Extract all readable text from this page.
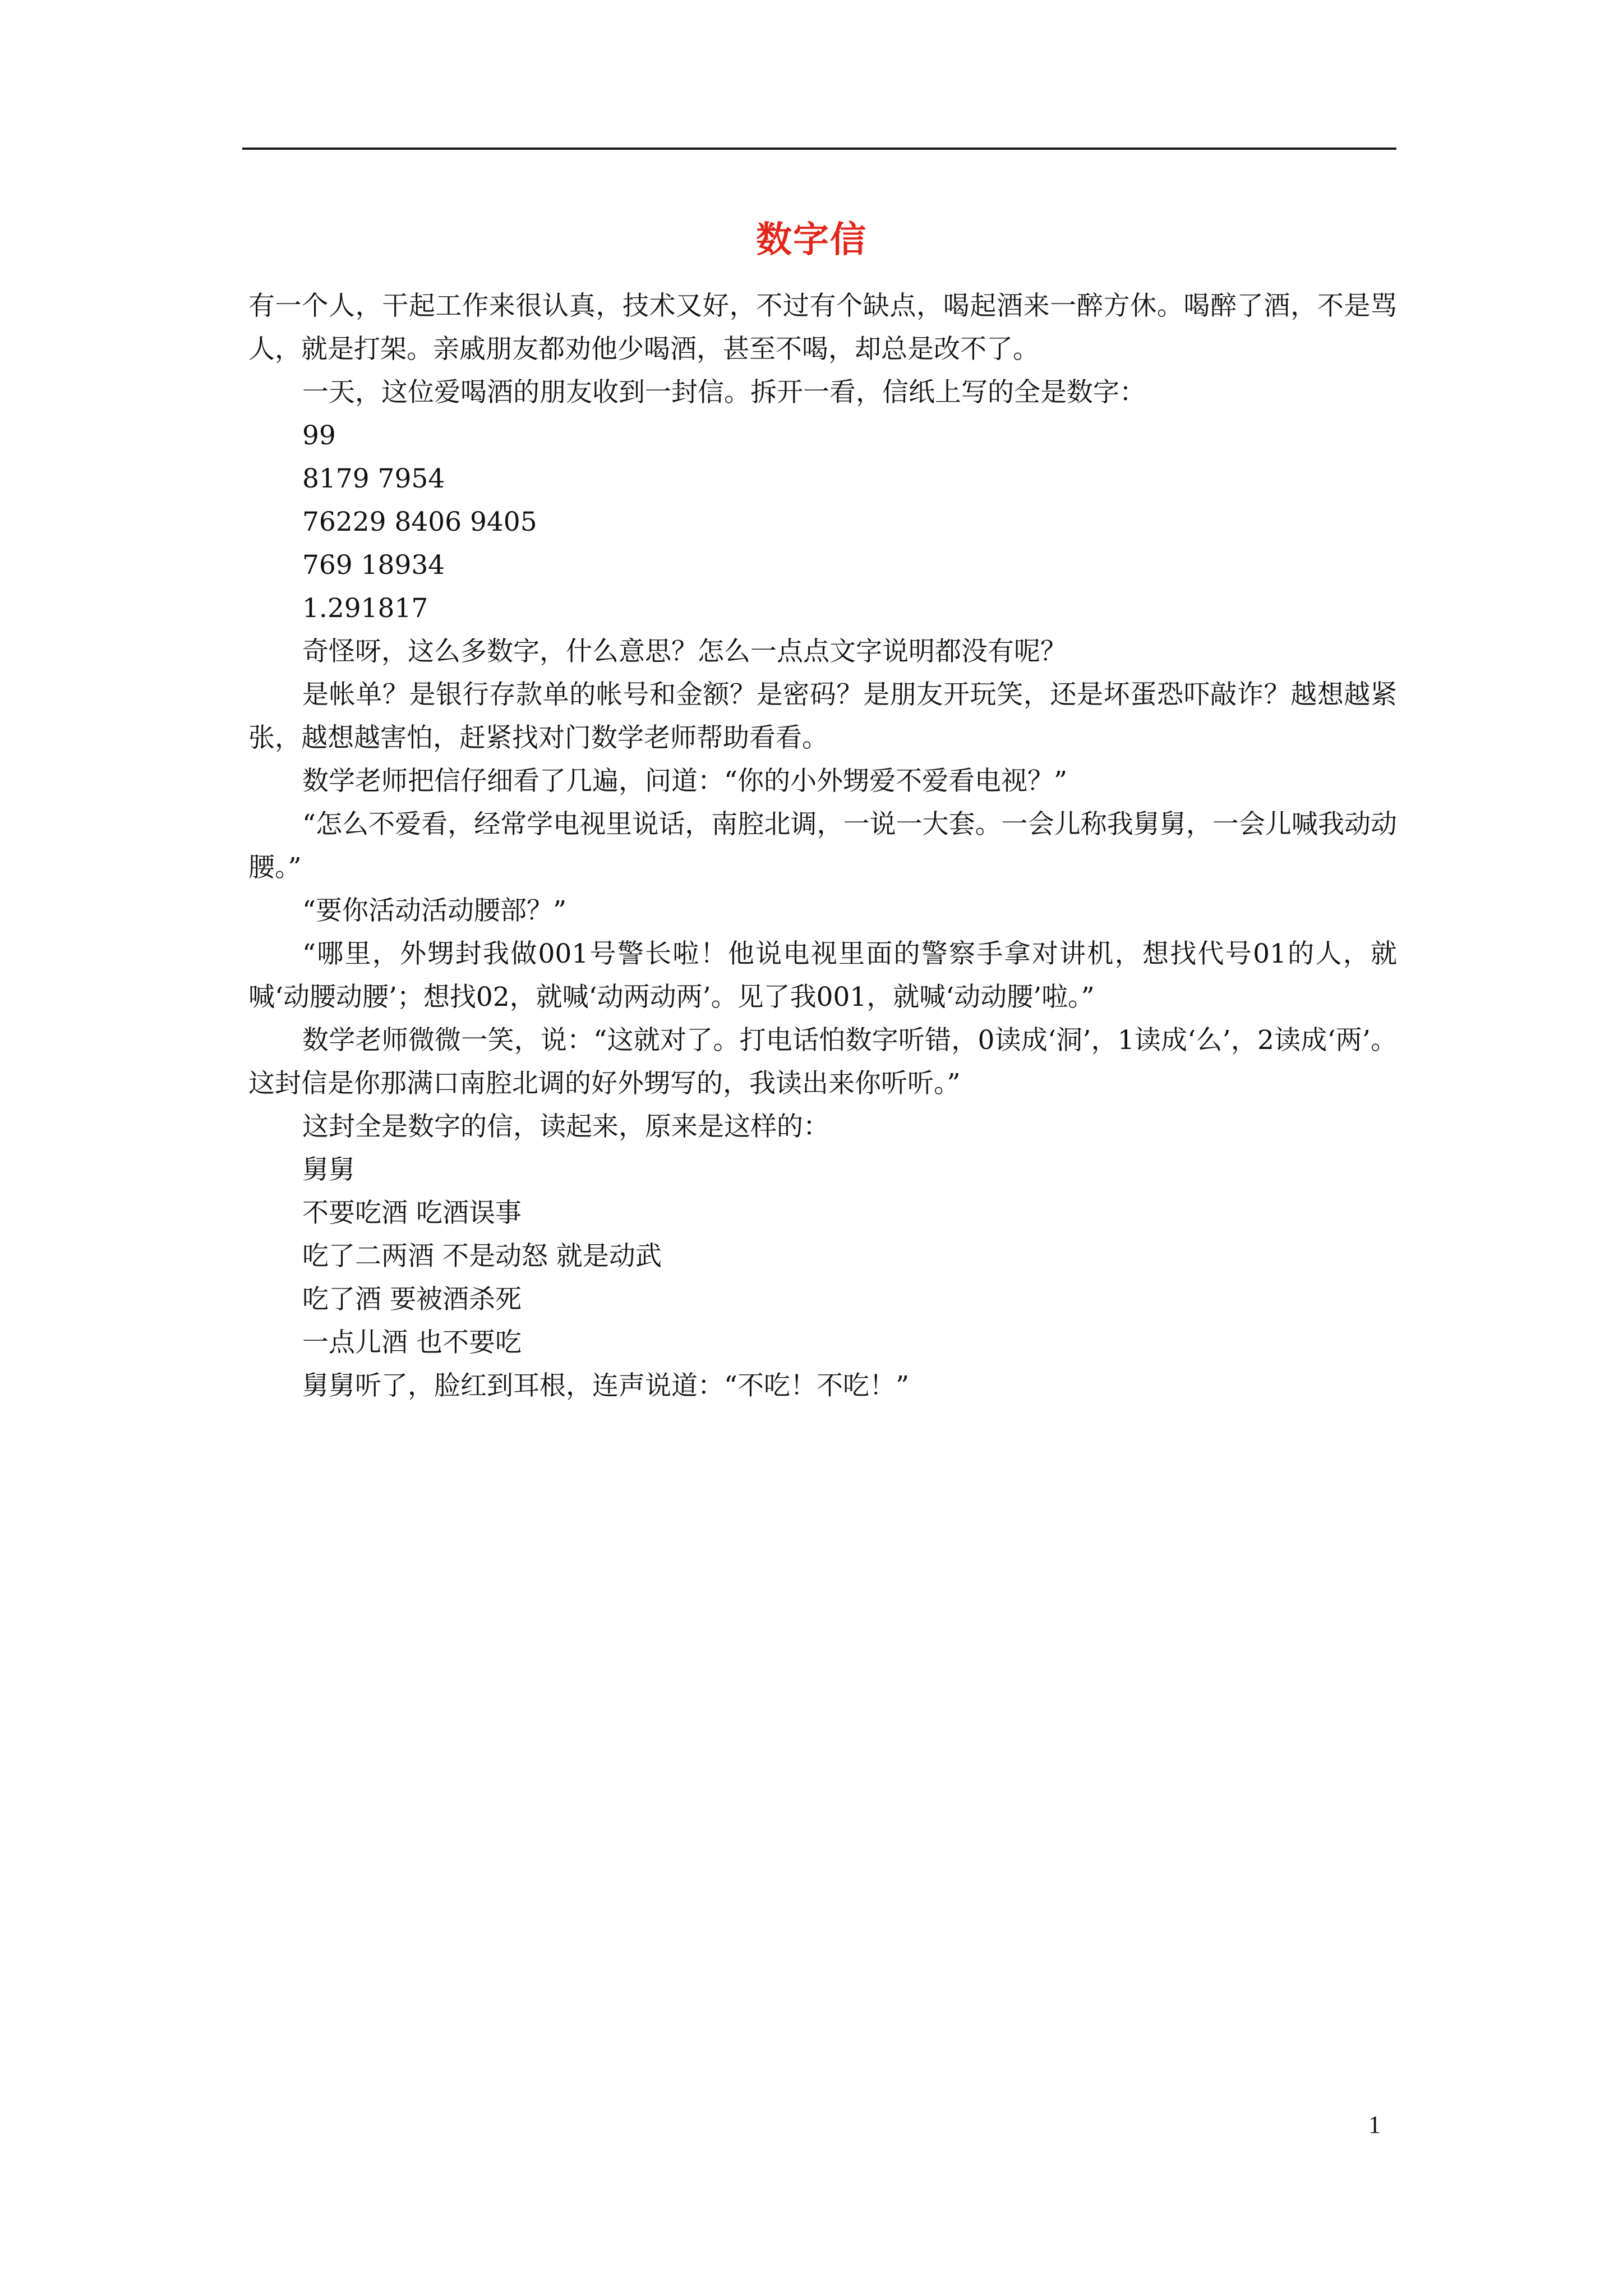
数字信

有一个人，干起工作来很认真，技术又好，不过有个缺点，喝起酒来一醉方休。喝醉了酒，不是骂人，就是打架。亲戚朋友都劝他少喝酒，甚至不喝，却总是改不了。

一天，这位爱喝酒的朋友收到一封信。拆开一看，信纸上写的全是数字：

99

8179 7954

76229 8406 9405

769 18934

1.291817

奇怪呀，这么多数字，什么意思？怎么一点点文字说明都没有呢？

是帐单？是银行存款单的帐号和金额？是密码？是朋友开玩笑，还是坏蛋恐吓敲诈？越想越紧张，越想越害怕，赶紧找对门数学老师帮助看看。

数学老师把信仔细看了几遍，问道：“你的小外甥爱不爱看电视？”

“怎么不爱看，经常学电视里说话，南腔北调，一说一大套。一会儿称我舅舅，一会儿喊我动动腰。”

“要你活动活动腰部？”

“哪里，外甥封我做001号警长啦！他说电视里面的警察手拿对讲机，想找代号01的人，就喊‘动腰动腰’；想找02，就喊‘动两动两’。见了我001，就喊‘动动腰’啦。”

数学老师微微一笑，说：“这就对了。打电话怕数字听错，0读成‘洞’，1读成‘么’，2读成‘两’。这封信是你那满口南腔北调的好外甥写的，我读出来你听听。”

这封全是数字的信，读起来，原来是这样的：

舅舅

不要吃酒 吃酒误事

吃了二两酒 不是动怒 就是动武

吃了酒 要被酒杀死

一点儿酒 也不要吃

舅舅听了，脸红到耳根，连声说道：“不吃！不吃！”

1
